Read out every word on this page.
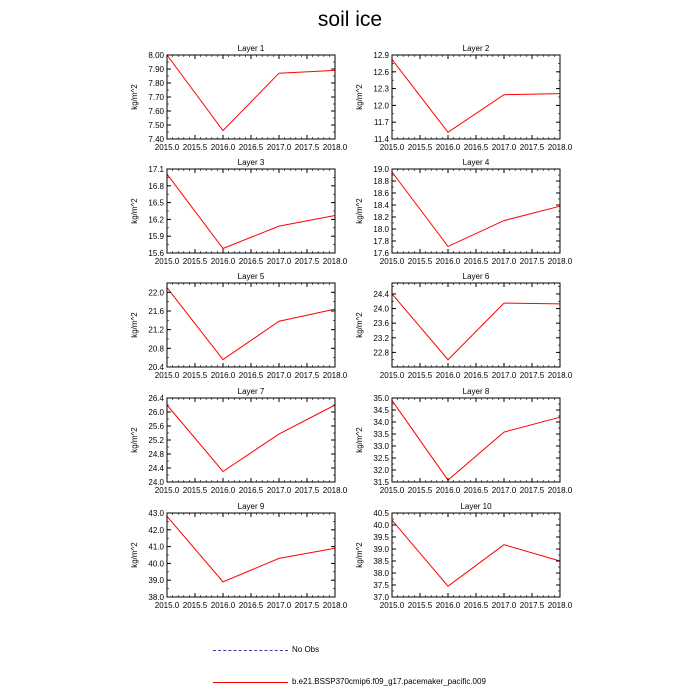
soil ice
2015.0 2015.5 2016.0 2016.5 2017.0 2017.5 2018.0
7.40
7.50
7.60
7.70
7.80
7.90
8.00
Layer 1
kg/m^2
2015.0 2015.5 2016.0 2016.5 2017.0 2017.5 2018.0
11.4
11.7
12.0
12.3
12.6
12.9
Layer 2
kg/m^2
2015.0 2015.5 2016.0 2016.5 2017.0 2017.5 2018.0
15.6
15.9
16.2
16.5
16.8
17.1
Layer 3
kg/m^2
2015.0 2015.5 2016.0 2016.5 2017.0 2017.5 2018.0
17.6
17.8
18.0
18.2
18.4
18.6
18.8
19.0
Layer 4
kg/m^2
2015.0 2015.5 2016.0 2016.5 2017.0 2017.5 2018.0
20.4
20.8
21.2
21.6
22.0
Layer 5
kg/m^2
2015.0 2015.5 2016.0 2016.5 2017.0 2017.5 2018.0
22.8
23.2
23.6
24.0
24.4
Layer 6
kg/m^2
2015.0 2015.5 2016.0 2016.5 2017.0 2017.5 2018.0
24.0
24.4
24.8
25.2
25.6
26.0
26.4
Layer 7
kg/m^2
2015.0 2015.5 2016.0 2016.5 2017.0 2017.5 2018.0
31.5
32.0
32.5
33.0
33.5
34.0
34.5
35.0
Layer 8
kg/m^2
2015.0 2015.5 2016.0 2016.5 2017.0 2017.5 2018.0
38.0
39.0
40.0
41.0
42.0
43.0
Layer 9
kg/m^2
2015.0 2015.5 2016.0 2016.5 2017.0 2017.5 2018.0
37.0
37.5
38.0
38.5
39.0
39.5
40.0
40.5
Layer 10
kg/m^2
No Obs
b.e21.BSSP370cmip6.f09_g17.pacemaker_pacific.009
